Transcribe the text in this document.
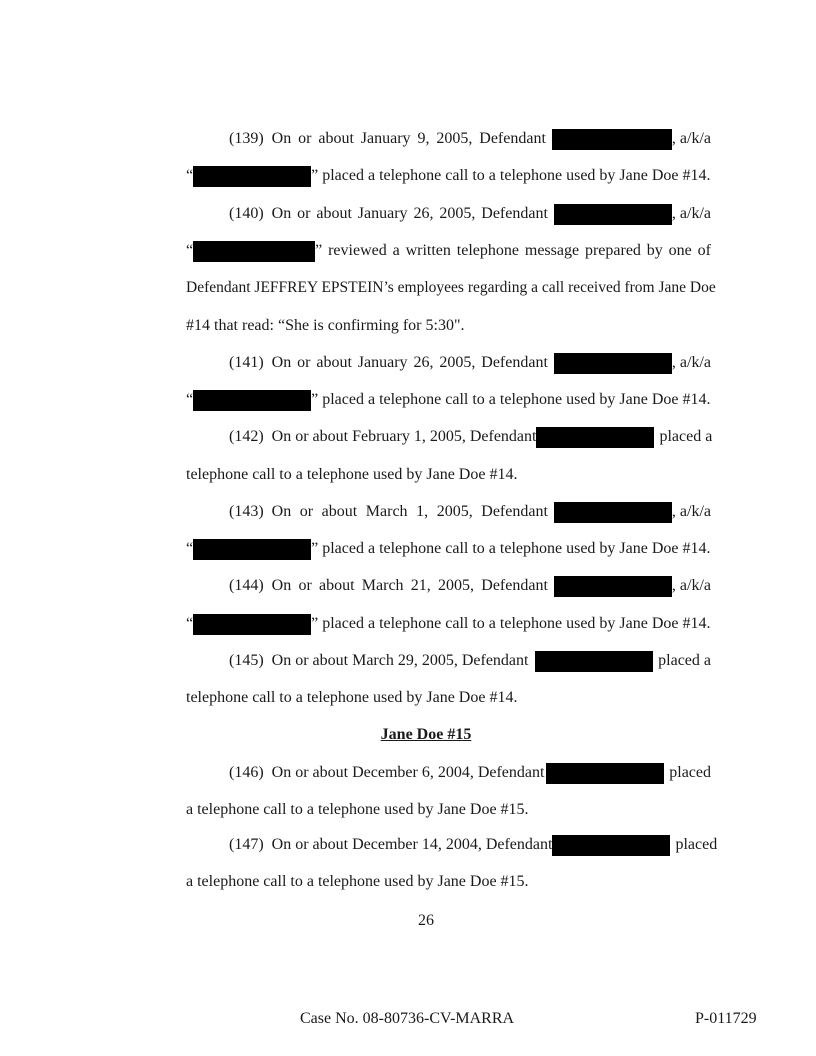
(139)
On or about January 9, 2005, Defendant	, a/k/a
“	” placed a telephone call to a telephone used by Jane Doe #14.
(140)
On or about January 26, 2005, Defendant	, a/k/a
“	” reviewed a written telephone message prepared by one of
Defendant JEFFREY EPSTEIN’s employees regarding a call received from Jane Doe
#14 that read: “She is confirming for 5:30".
(141)
On or about January 26, 2005, Defendant	, a/k/a
“	” placed a telephone call to a telephone used by Jane Doe #14.
(142)
On or about February 1, 2005, Defendant	placed a
telephone call to a telephone used by Jane Doe #14.
(143)
On or about March 1, 2005, Defendant	, a/k/a
“	” placed a telephone call to a telephone used by Jane Doe #14.
(144)
On or about March 21, 2005, Defendant	, a/k/a
“	” placed a telephone call to a telephone used by Jane Doe #14.
(145)
On or about March 29, 2005, Defendant	placed a
telephone call to a telephone used by Jane Doe #14.
Jane Doe #15
(146)
On or about December 6, 2004, Defendant	placed
a telephone call to a telephone used by Jane Doe #15.
(147)
On or about December 14, 2004, Defendant	placed
a telephone call to a telephone used by Jane Doe #15.
26
Case No. 08-80736-CV-MARRA	P-011729
